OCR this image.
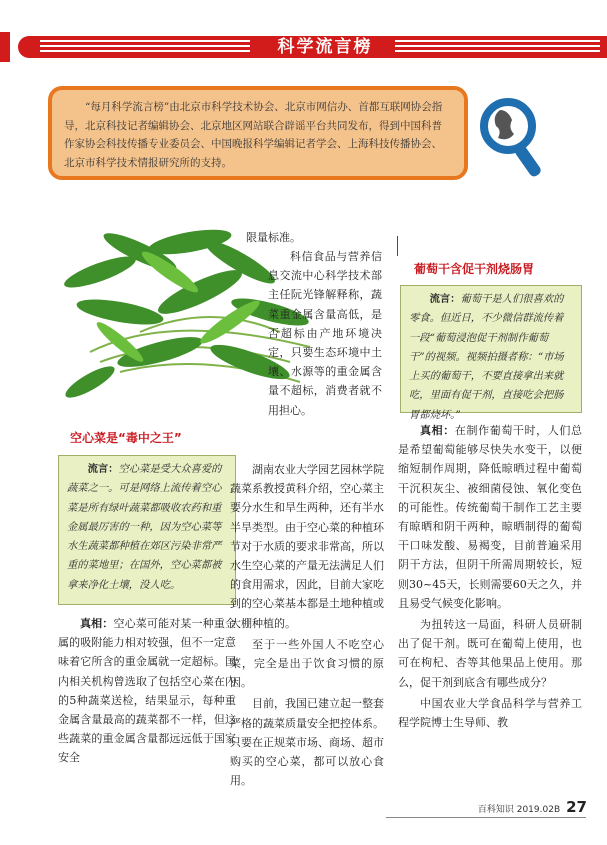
科学流言榜

“每月科学流言榜”由北京市科学技术协会、北京市网信办、首都互联网协会指导，北京科技记者编辑协会、北京地区网站联合辟谣平台共同发布，得到中国科普作家协会科技传播专业委员会、中国晚报科学编辑记者学会、上海科技传播协会、北京市科学技术情报研究所的支持。

限量标准。

科信食品与营养信息交流中心科学技术部主任阮光锋解释称，蔬菜重金属含量高低，是否超标由产地环境决定，只要生态环境中土壤、水源等的重金属含量不超标，消费者就不用担心。

空心菜是“毒中之王”
流言：空心菜是受大众喜爱的蔬菜之一。可是网络上流传着空心菜是所有绿叶蔬菜都吸收农药和重金属最厉害的一种，因为空心菜等水生蔬菜都种植在郊区污染非常严重的菜地里；在国外，空心菜都被拿来净化土壤，没人吃。

真相：空心菜可能对某一种重金属的吸附能力相对较强，但不一定意味着它所含的重金属就一定超标。国内相关机构曾选取了包括空心菜在内的5种蔬菜送检，结果显示，每种重金属含量最高的蔬菜都不一样，但这些蔬菜的重金属含量都远远低于国家安全

湖南农业大学园艺园林学院蔬菜系教授黄科介绍，空心菜主要分水生和旱生两种，还有半水半旱类型。由于空心菜的种植环节对于水质的要求非常高，所以水生空心菜的产量无法满足人们的食用需求，因此，目前大家吃到的空心菜基本都是土地种植或大棚种植的。

至于一些外国人不吃空心菜，完全是出于饮食习惯的原因。

目前，我国已建立起一整套严格的蔬菜质量安全把控体系。只要在正规菜市场、商场、超市购买的空心菜，都可以放心食用。

葡萄干含促干剂烧肠胃
流言：葡萄干是人们很喜欢的零食。但近日，不少微信群流传着一段“葡萄浸泡促干剂制作葡萄干”的视频。视频拍摄者称：“市场上买的葡萄干，不要直接拿出来就吃，里面有促干剂，直接吃会把肠胃都烧坏。”

真相：在制作葡萄干时，人们总是希望葡萄能够尽快失水变干，以便缩短制作周期，降低晾晒过程中葡萄干沉积灰尘、被细菌侵蚀、氧化变色的可能性。传统葡萄干制作工艺主要有晾晒和阴干两种，晾晒制得的葡萄干口味发酸、易褐变，目前普遍采用阴干方法，但阴干所需周期较长，短则30~45天，长则需要60天之久，并且易受气候变化影响。

为扭转这一局面，科研人员研制出了促干剂。既可在葡萄上使用，也可在枸杞、杏等其他果品上使用。那么，促干剂到底含有哪些成分？

中国农业大学食品科学与营养工程学院博士生导师、教

百科知识 2019.02B 27
